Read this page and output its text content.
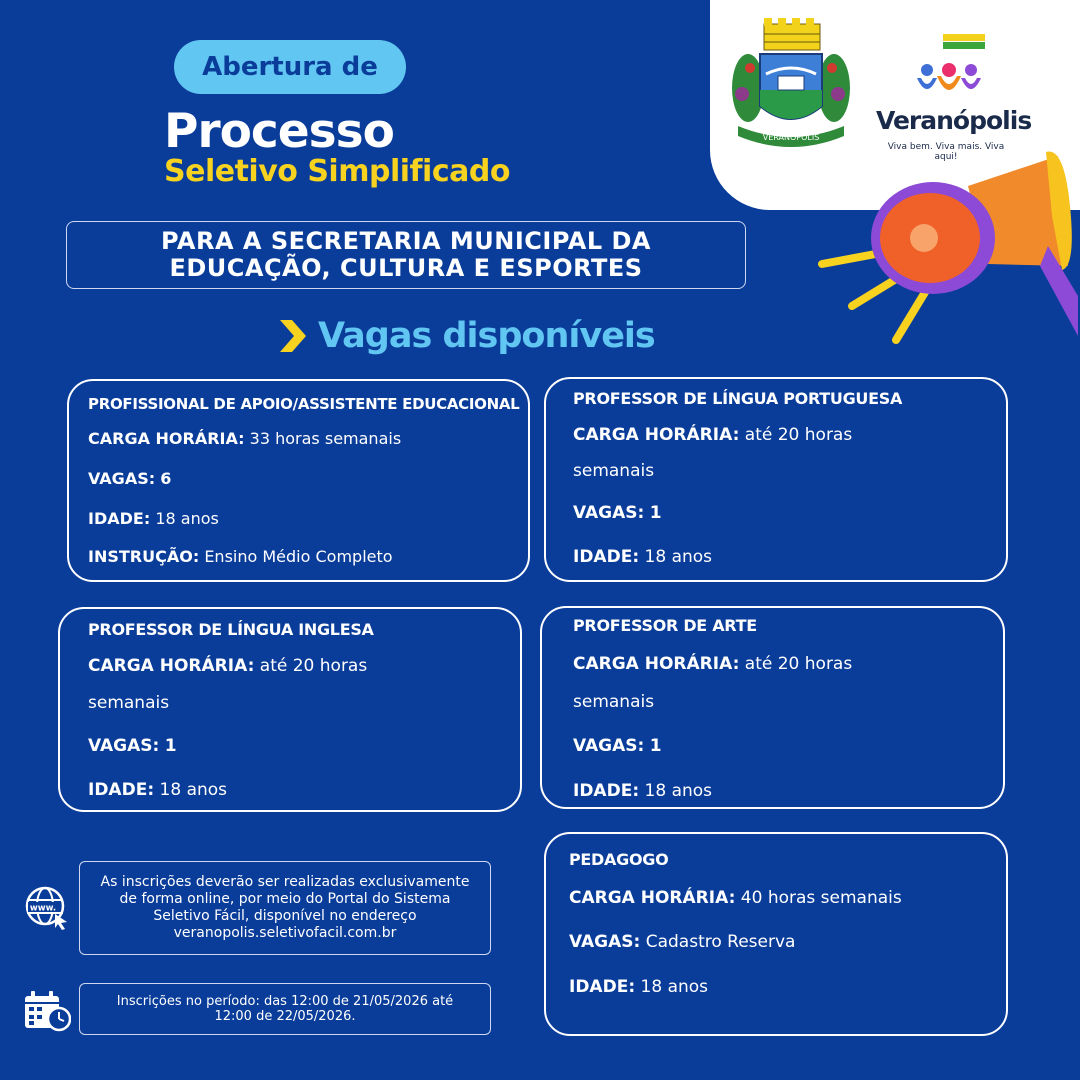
Abertura de
Processo
Seletivo Simplificado
PARA A SECRETARIA MUNICIPAL DA
EDUCAÇÃO, CULTURA E ESPORTES
Vagas disponíveis
VERANÓPOLIS
Veranópolis
Viva bem. Viva mais. Viva aqui!
PROFISSIONAL DE APOIO/ASSISTENTE EDUCACIONAL
CARGA HORÁRIA: 33 horas semanais
VAGAS: 6
IDADE: 18 anos
INSTRUÇÃO: Ensino Médio Completo
PROFESSOR DE LÍNGUA PORTUGUESA
CARGA HORÁRIA: até 20 horas
semanais
VAGAS: 1
IDADE: 18 anos
PROFESSOR DE LÍNGUA INGLESA
CARGA HORÁRIA: até 20 horas
semanais
VAGAS: 1
IDADE: 18 anos
PROFESSOR DE ARTE
CARGA HORÁRIA: até 20 horas
semanais
VAGAS: 1
IDADE: 18 anos
PEDAGOGO
CARGA HORÁRIA: 40 horas semanais
VAGAS: Cadastro Reserva
IDADE: 18 anos
www.
As inscrições deverão ser realizadas exclusivamente de forma online, por meio do Portal do Sistema Seletivo Fácil, disponível no endereço veranopolis.seletivofacil.com.br
Inscrições no período: das 12:00 de 21/05/2026 até 12:00 de 22/05/2026.
